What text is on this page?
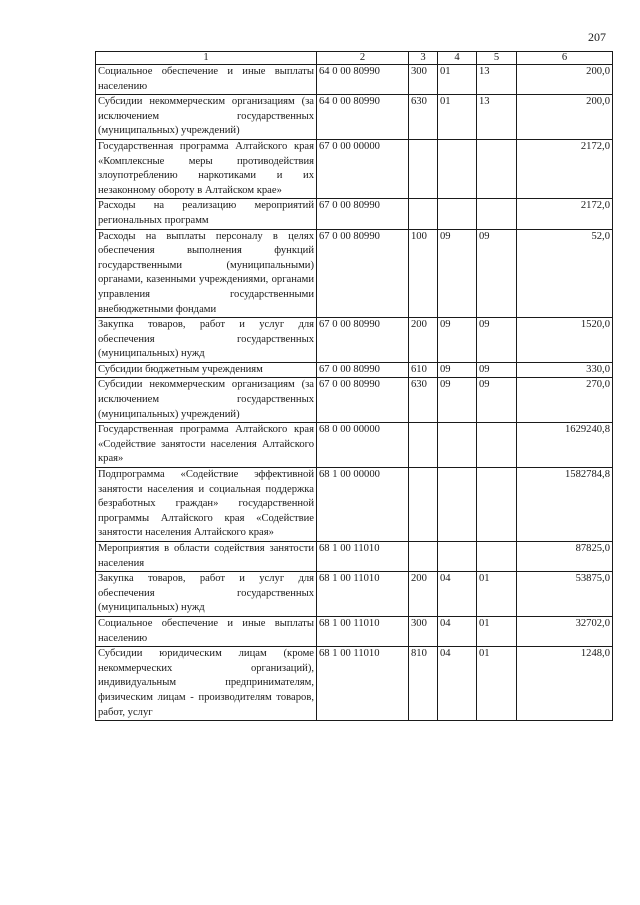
207
1	2	3	4	5	6
Социальное обеспечение и иные выплаты населению	64 0 00 80990	300	01	13	200,0
Субсидии некоммерческим организациям (за исключением государственных (муниципальных) учреждений)	64 0 00 80990	630	01	13	200,0
Государственная программа Алтайского края «Комплексные меры противодействия злоупотреблению наркотиками и их незаконному обороту в Алтайском крае»	67 0 00 00000				2172,0
Расходы на реализацию мероприятий региональных программ	67 0 00 80990				2172,0
Расходы на выплаты персоналу в целях обеспечения выполнения функций государственными (муниципальными) органами, казенными учреждениями, органами управления государственными внебюджетными фондами	67 0 00 80990	100	09	09	52,0
Закупка товаров, работ и услуг для обеспечения государственных (муниципальных) нужд	67 0 00 80990	200	09	09	1520,0
Субсидии бюджетным учреждениям	67 0 00 80990	610	09	09	330,0
Субсидии некоммерческим организациям (за исключением государственных (муниципальных) учреждений)	67 0 00 80990	630	09	09	270,0
Государственная программа Алтайского края «Содействие занятости населения Алтайского края»	68 0 00 00000				1629240,8
Подпрограмма «Содействие эффективной занятости населения и социальная поддержка безработных граждан» государственной программы Алтайского края «Содействие занятости населения Алтайского края»	68 1 00 00000				1582784,8
Мероприятия в области содействия занятости населения	68 1 00 11010				87825,0
Закупка товаров, работ и услуг для обеспечения государственных (муниципальных) нужд	68 1 00 11010	200	04	01	53875,0
Социальное обеспечение и иные выплаты населению	68 1 00 11010	300	04	01	32702,0
Субсидии юридическим лицам (кроме некоммерческих организаций), индивидуальным предпринимателям, физическим лицам - производителям товаров, работ, услуг	68 1 00 11010	810	04	01	1248,0
